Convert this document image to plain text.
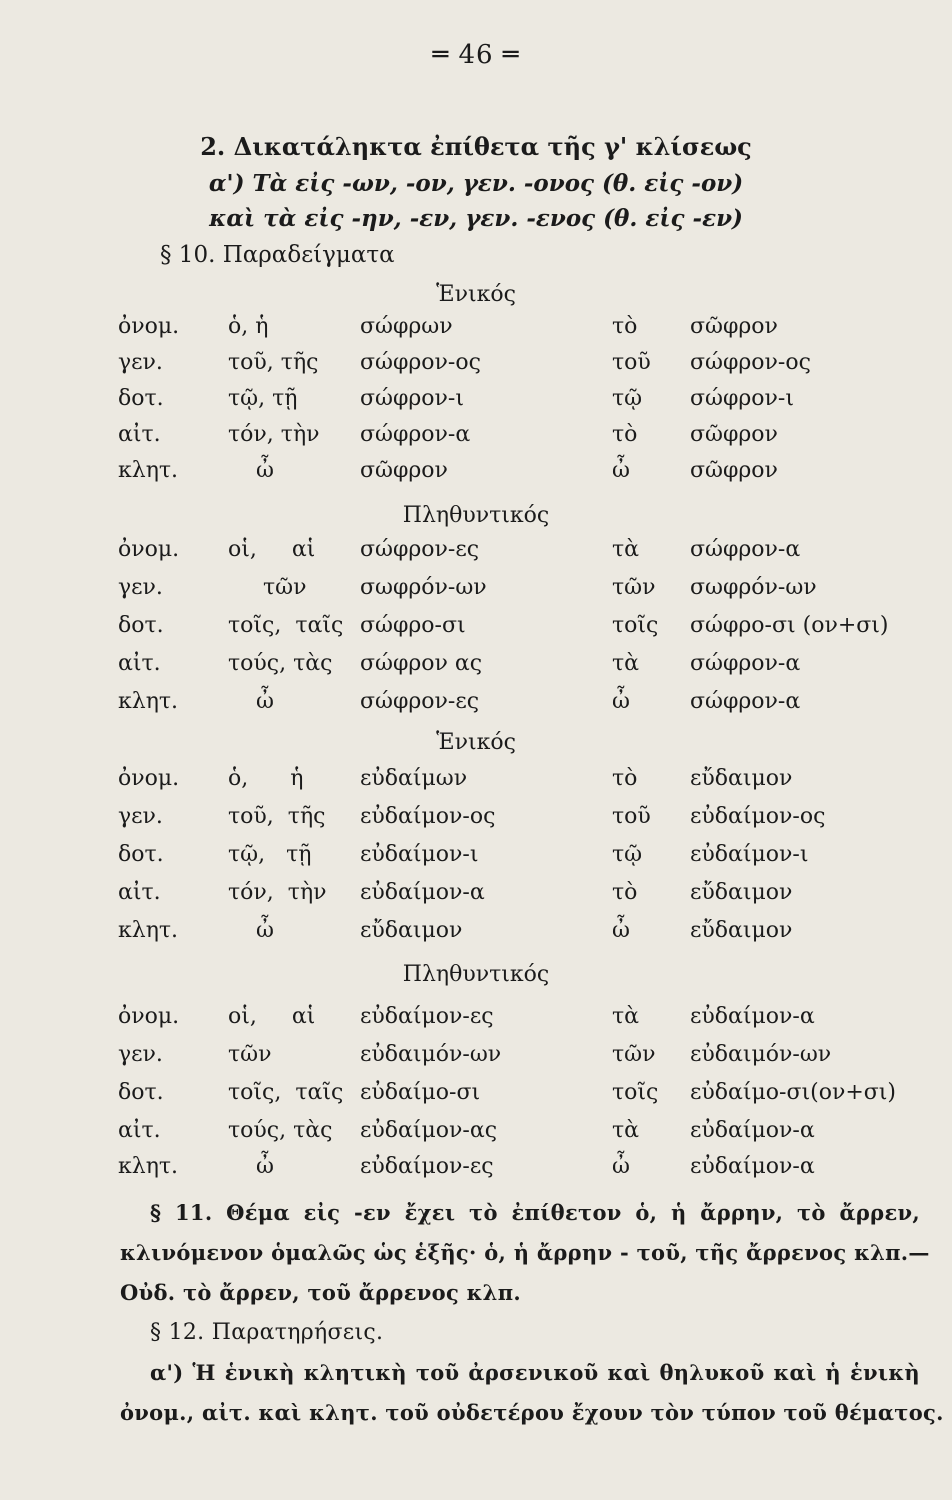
═ 46 ═
2. Δικατάληκτα ἐπίθετα τῆς γ' κλίσεως
α') Τὰ εἰς -ων, -ον, γεν. -ονος (θ. εἰς -ον)
καὶ τὰ εἰς -ην, -εν, γεν. -ενος (θ. εἰς -εν)
§ 10. Παραδείγματα
Ἑνικός
ὀνομ. ὁ, ἡ	σώφρων	τὸ σῶφρον
γεν.	τοῦ, τῆς σώφρον-ος	τοῦ σώφρον-ος
δοτ.	τῷ, τῇ	σώφρον-ι	τῷ σώφρον-ι
αἰτ.	τόν, τὴν σώφρον-α	τὸ σῶφρον
κλητ. ὦ	σῶφρον	ὦ	σῶφρον
Πληθυντικός
ὀνομ. οἱ,     αἱ σώφρον-ες	τὰ σώφρον-α
γεν.	τῶν σωφρόν-ων	τῶν σωφρόν-ων
δοτ.	τοῖς,  ταῖς σώφρο-σι	τοῖς σώφρο-σι (ον+σι)
αἰτ.	τούς, τὰς σώφρον ας	τὰ σώφρον-α
κλητ. ὦ	σώφρον-ες	ὦ	σώφρον-α
Ἑνικός
ὀνομ. ὁ,      ἡ	εὐδαίμων	τὸ εὔδαιμον
γεν.	τοῦ,  τῆς εὐδαίμον-ος	τοῦ εὐδαίμον-ος
δοτ.	τῷ,   τῇ εὐδαίμον-ι	τῷ εὐδαίμον-ι
αἰτ.	τόν,  τὴν εὐδαίμον-α	τὸ εὔδαιμον
κλητ. ὦ	εὔδαιμον	ὦ	εὔδαιμον
Πληθυντικός
ὀνομ. οἱ,     αἱ εὐδαίμον-ες	τὰ εὐδαίμον-α
γεν.	τῶν	εὐδαιμόν-ων	τῶν εὐδαιμόν-ων
δοτ.	τοῖς,  ταῖς εὐδαίμο-σι	τοῖς εὐδαίμο-σι(ον+σι)
αἰτ.	τούς, τὰς εὐδαίμον-ας	τὰ εὐδαίμον-α
κλητ. ὦ	εὐδαίμον-ες	ὦ	εὐδαίμον-α
§ 11. Θέμα εἰς -εν ἔχει τὸ ἐπίθετον ὁ, ἡ ἄρρην, τὸ ἄρρεν,
κλινόμενον ὁμαλῶς ὡς ἑξῆς· ὁ, ἡ ἄρρην - τοῦ, τῆς ἄρρενος κλπ.—
Οὐδ. τὸ ἄρρεν, τοῦ ἄρρενος κλπ.
§ 12. Παρατηρήσεις.
α') Ἡ ἑνικὴ κλητικὴ τοῦ ἀρσενικοῦ καὶ θηλυκοῦ καὶ ἡ ἑνικὴ
ὀνομ., αἰτ. καὶ κλητ. τοῦ οὐδετέρου ἔχουν τὸν τύπον τοῦ θέματος.
